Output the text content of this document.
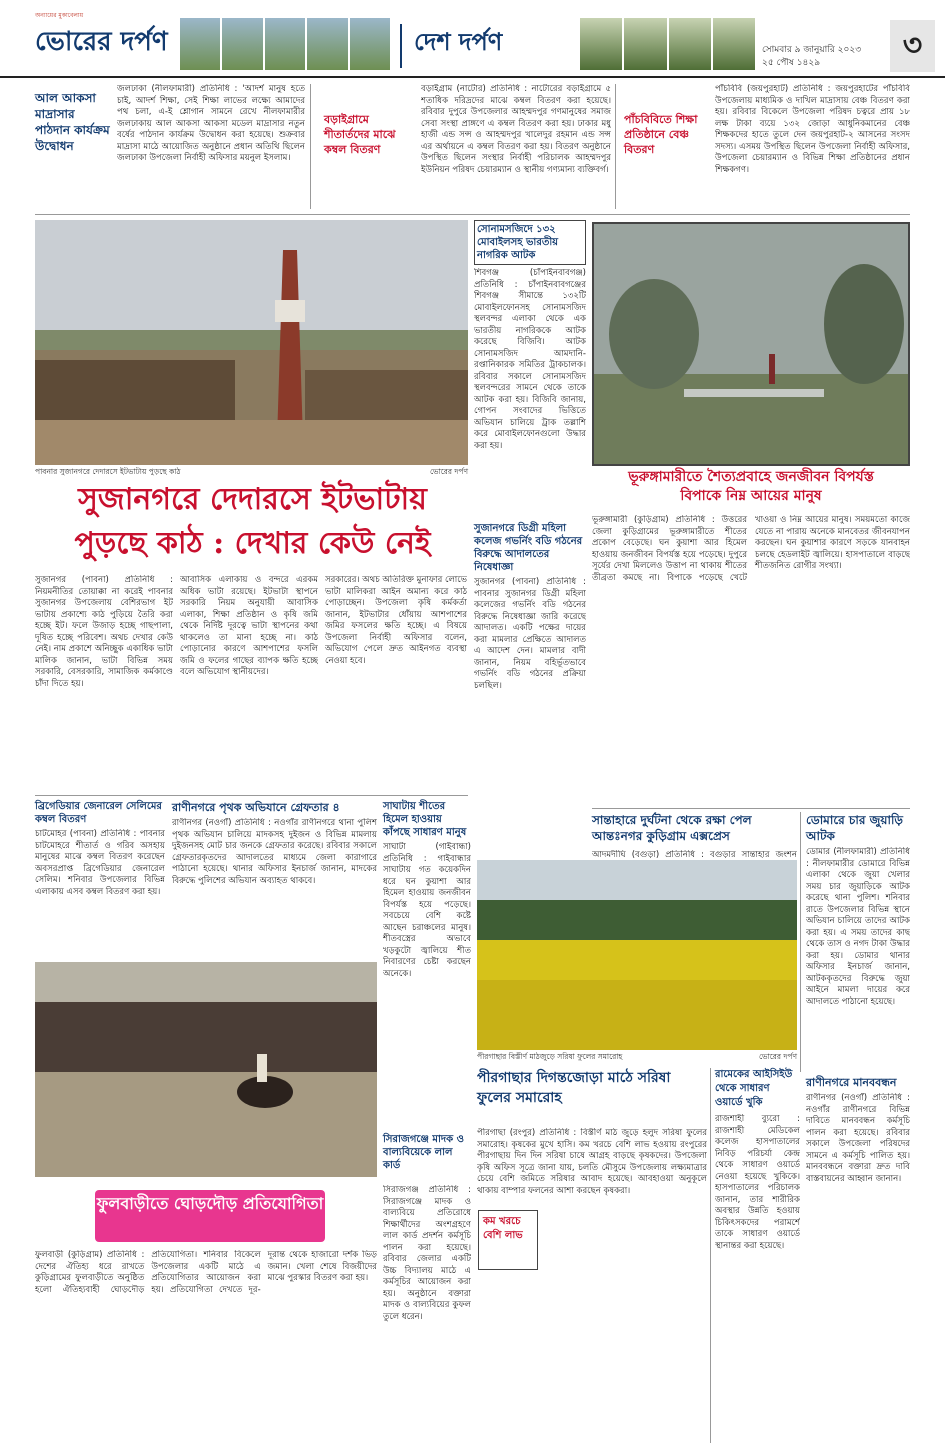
অন্যায়ের মুকাবেলায়
ভোরের দর্পণ	দেশ দর্পণ	সোমবার ৯ জানুয়ারি ২০২৩
২৫ পৌষ ১৪২৯	৩
আল আকসা মাদ্রাসার পাঠদান কার্যক্রম উদ্বোধন
জলঢাকা (নীলফামারী) প্রতিনিধি : 'আদর্শ মানুষ হতে চাই, আদর্শ শিক্ষা, সেই শিক্ষা লাভের লক্ষ্যে আমাদের পথ চলা, এ-ই শ্লোগান সামনে রেখে নীলফামারীর জলঢাকায় আল আকসা আকসা মডেল মাদ্রাসার নতুন বর্ষের পাঠদান কার্যক্রম উদ্বোধন করা হয়েছে। শুক্রবার মাদ্রাসা মাঠে আয়োজিত অনুষ্ঠানে প্রধান অতিথি ছিলেন জলঢাকা উপজেলা নির্বাহী অফিসার ময়নুল ইসলাম।
বড়াইগ্রামে শীতার্তদের মাঝে কম্বল বিতরণ
বড়াইগ্রাম (নাটোর) প্রতিনিধি : নাটোরের বড়াইগ্রামে ৫ শতাধিক দরিদ্রদের মাঝে কম্বল বিতরণ করা হয়েছে। রবিবার দুপুরে উপজেলার আহম্মদপুর গণমানুষের সমাজ সেবা সংস্থা প্রাঙ্গণে এ কম্বল বিতরণ করা হয়। ঢাকার মধু হাজী এন্ড সন্স ও আহম্মদপুর খালেদুর রহমান এন্ড সন্স এর অর্থায়নে এ কম্বল বিতরণ করা হয়। বিতরণ অনুষ্ঠানে উপস্থিত ছিলেন সংস্থার নির্বাহী পরিচালক আহম্মদপুর ইউনিয়ন পরিষদ চেয়ারম্যান ও স্থানীয় গণ্যমান্য ব্যক্তিবর্গ।
পাঁচবিবিতে শিক্ষা প্রতিষ্ঠানে বেঞ্চ বিতরণ
পাঁচবিবি (জয়পুরহাট) প্রতিনিধি : জয়পুরহাটের পাঁচবিবি উপজেলায় মাধ্যমিক ও দাখিল মাদ্রাসায় বেঞ্চ বিতরণ করা হয়। রবিবার বিকেলে উপজেলা পরিষদ চত্বরে প্রায় ১৮ লক্ষ টাকা ব্যয়ে ১৩২ জোড়া আধুনিকমানের বেঞ্চ শিক্ষকদের হাতে তুলে দেন জয়পুরহাট-২ আসনের সংসদ সদস্য। এসময় উপস্থিত ছিলেন উপজেলা নির্বাহী অফিসার, উপজেলা চেয়ারম্যান ও বিভিন্ন শিক্ষা প্রতিষ্ঠানের প্রধান শিক্ষকগণ।
পাবনার সুজানগরে দেদারসে ইটভাটায় পুড়ছে কাঠ	ভোরের দর্পণ
সোনামসজিদে ১৩২ মোবাইলসহ ভারতীয় নাগরিক আটক
শিবগঞ্জ (চাঁপাইনবাবগঞ্জ) প্রতিনিধি : চাঁপাইনবাবগঞ্জের শিবগঞ্জ সীমান্তে ১৩২টি মোবাইলফোনসহ সোনামসজিদ স্থলবন্দর এলাকা থেকে এক ভারতীয় নাগরিককে আটক করেছে বিজিবি। আটক সোনামসজিদ আমদানি-রপ্তানিকারক সমিতির ট্রাকচালক। রবিবার সকালে সোনামসজিদ স্থলবন্দরের সামনে থেকে তাকে আটক করা হয়। বিজিবি জানায়, গোপন সংবাদের ভিত্তিতে অভিযান চালিয়ে ট্রাক তল্লাশি করে মোবাইলফোনগুলো উদ্ধার করা হয়।
ভূরুঙ্গামারীতে শৈত্যপ্রবাহে জনজীবন বিপর্যস্ত
বিপাকে নিম্ন আয়ের মানুষ
সুজানগরে দেদারসে ইটভাটায়
পুড়ছে কাঠ : দেখার কেউ নেই
সুজানগর (পাবনা) প্রতিনিধি : নিয়মনীতির তোয়াক্কা না করেই পাবনার সুজানগর উপজেলায় বেশিরভাগ ইট ভাটায় প্রকাশ্যে কাঠ পুড়িয়ে তৈরি করা হচ্ছে ইট। ফলে উজাড় হচ্ছে গাছপালা, দূষিত হচ্ছে পরিবেশ। অথচ দেখার কেউ নেই। নাম প্রকাশে অনিচ্ছুক একাধিক ভাটা মালিক জানান, ভাটা বিভিন্ন সময় সরকারি, বেসরকারি, সামাজিক কর্মকাণ্ডে চাঁদা দিতে হয়।
আবাসিক এলাকায় ও বন্দরে এরকম অধিক ভাটা রয়েছে। ইটভাটা স্থাপনে সরকারি নিয়ম অনুযায়ী আবাসিক এলাকা, শিক্ষা প্রতিষ্ঠান ও কৃষি জমি থেকে নির্দিষ্ট দূরত্বে ভাটা স্থাপনের কথা থাকলেও তা মানা হচ্ছে না। কাঠ পোড়ানোর কারণে আশপাশের ফসলি জমি ও ফলের গাছের ব্যাপক ক্ষতি হচ্ছে বলে অভিযোগ স্থানীয়দের।
সরকারের। অথচ অতিরিক্ত মুনাফার লোভে ভাটা মালিকরা আইন অমান্য করে কাঠ পোড়াচ্ছেন। উপজেলা কৃষি কর্মকর্তা জানান, ইটভাটার ধোঁয়ায় আশপাশের জমির ফসলের ক্ষতি হচ্ছে। এ বিষয়ে উপজেলা নির্বাহী অফিসার বলেন, অভিযোগ পেলে দ্রুত আইনগত ব্যবস্থা নেওয়া হবে।
সুজানগরে ডিগ্রী মহিলা কলেজ গভর্নিং বডি গঠনের বিরুদ্ধে আদালতের নিষেধাজ্ঞা
সুজানগর (পাবনা) প্রতিনিধি : পাবনার সুজানগর ডিগ্রী মহিলা কলেজের গভর্নিং বডি গঠনের বিরুদ্ধে নিষেধাজ্ঞা জারি করেছে আদালত। একটি পক্ষের দায়ের করা মামলার প্রেক্ষিতে আদালত এ আদেশ দেন। মামলার বাদী জানান, নিয়ম বহির্ভূতভাবে গভর্নিং বডি গঠনের প্রক্রিয়া চলছিল।
ভূরুঙ্গামারী (কুড়িগ্রাম) প্রতিনিধি : উত্তরের জেলা কুড়িগ্রামের ভূরুঙ্গামারীতে শীতের প্রকোপ বেড়েছে। ঘন কুয়াশা আর হিমেল হাওয়ায় জনজীবন বিপর্যস্ত হয়ে পড়েছে। দুপুরে সূর্যের দেখা মিললেও উত্তাপ না থাকায় শীতের তীব্রতা কমছে না। বিপাকে পড়েছে খেটে খাওয়া ও নিম্ন আয়ের মানুষ। সময়মতো কাজে যেতে না পারায় অনেকে মানবেতর জীবনযাপন করছেন। ঘন কুয়াশার কারণে সড়কে যানবাহন চলছে হেডলাইট জ্বালিয়ে। হাসপাতালে বাড়ছে শীতজনিত রোগীর সংখ্যা।
সান্তাহারে দুর্ঘটনা থেকে রক্ষা পেল আন্তঃনগর কুড়িগ্রাম এক্সপ্রেস
আদমদীঘি (বগুড়া) প্রতিনিধি : বগুড়ার সান্তাহার জংশন
ডোমারে চার জুয়াড়ি আটক
ডোমার (নীলফামারী) প্রতিনিধি : নীলফামারীর ডোমারে বিভিন্ন এলাকা থেকে জুয়া খেলার সময় চার জুয়াড়িকে আটক করেছে থানা পুলিশ। শনিবার রাতে উপজেলার বিভিন্ন স্থানে অভিযান চালিয়ে তাদের আটক করা হয়। এ সময় তাদের কাছ থেকে তাস ও নগদ টাকা উদ্ধার করা হয়। ডোমার থানার অফিসার ইনচার্জ জানান, আটককৃতদের বিরুদ্ধে জুয়া আইনে মামলা দায়ের করে আদালতে পাঠানো হয়েছে।
ব্রিগেডিয়ার জেনারেল সেলিমের কম্বল বিতরণ
চাটমোহর (পাবনা) প্রতিনিধি : পাবনার চাটমোহরে শীতার্ত ও গরিব অসহায় মানুষের মাঝে কম্বল বিতরণ করেছেন অবসরপ্রাপ্ত ব্রিগেডিয়ার জেনারেল সেলিম। শনিবার উপজেলার বিভিন্ন এলাকায় এসব কম্বল বিতরণ করা হয়।
রাণীনগরে পৃথক অভিযানে গ্রেফতার ৪
রাণীনগর (নওগাঁ) প্রতিনিধি : নওগাঁর রাণীনগরে থানা পুলিশ পৃথক অভিযান চালিয়ে মাদকসহ দুইজন ও বিভিন্ন মামলায় দুইজনসহ মোট চার জনকে গ্রেফতার করেছে। রবিবার সকালে গ্রেফতারকৃতদের আদালতের মাধ্যমে জেলা কারাগারে পাঠানো হয়েছে। থানার অফিসার ইনচার্জ জানান, মাদকের বিরুদ্ধে পুলিশের অভিযান অব্যাহত থাকবে।
সাঘাটায় শীতের হিমেল হাওয়ায় কাঁপছে সাধারণ মানুষ
সাঘাটা (গাইবান্ধা) প্রতিনিধি : গাইবান্ধার সাঘাটায় গত কয়েকদিন ধরে ঘন কুয়াশা আর হিমেল হাওয়ায় জনজীবন বিপর্যস্ত হয়ে পড়েছে। সবচেয়ে বেশি কষ্টে আছেন চরাঞ্চলের মানুষ। শীতবস্ত্রের অভাবে খড়কুটো জ্বালিয়ে শীত নিবারণের চেষ্টা করছেন অনেকে।
পীরগাছার বিস্তীর্ণ মাঠজুড়ে সরিষা ফুলের সমারোহ	ভোরের দর্পণ
সিরাজগঞ্জে মাদক ও বাল্যবিয়েকে লাল কার্ড
সিরাজগঞ্জ প্রতিনিধি : সিরাজগঞ্জে মাদক ও বাল্যবিয়ে প্রতিরোধে শিক্ষার্থীদের অংশগ্রহণে লাল কার্ড প্রদর্শন কর্মসূচি পালন করা হয়েছে। রবিবার জেলার একটি উচ্চ বিদ্যালয় মাঠে এ কর্মসূচির আয়োজন করা হয়। অনুষ্ঠানে বক্তারা মাদক ও বাল্যবিয়ের কুফল তুলে ধরেন।
ফুলবাড়ীতে ঘোড়দৌড় প্রতিযোগিতা
ফুলবাড়ী (কুড়িগ্রাম) প্রতিনিধি : দেশের ঐতিহ্য ধরে রাখতে কুড়িগ্রামের ফুলবাড়ীতে অনুষ্ঠিত হলো ঐতিহ্যবাহী ঘোড়দৌড় প্রতিযোগিতা। শনিবার বিকেলে উপজেলার একটি মাঠে এ প্রতিযোগিতার আয়োজন করা হয়। প্রতিযোগিতা দেখতে দূর-দূরান্ত থেকে হাজারো দর্শক ভিড় জমান। খেলা শেষে বিজয়ীদের মাঝে পুরস্কার বিতরণ করা হয়।
পীরগাছার দিগন্তজোড়া মাঠে সরিষা ফুলের সমারোহ
পীরগাছা (রংপুর) প্রতিনিধি : বিস্তীর্ণ মাঠ জুড়ে হলুদ সরিষা ফুলের সমারোহ। কৃষকের মুখে হাসি। কম খরচে বেশি লাভ হওয়ায় রংপুরের পীরগাছায় দিন দিন সরিষা চাষে আগ্রহ বাড়ছে কৃষকদের। উপজেলা কৃষি অফিস সূত্রে জানা যায়, চলতি মৌসুমে উপজেলায় লক্ষ্যমাত্রার চেয়ে বেশি জমিতে সরিষার আবাদ হয়েছে। আবহাওয়া অনুকূলে থাকায় বাম্পার ফলনের আশা করছেন কৃষকরা।
কম খরচে বেশি লাভ
রামেকের আইসিইউ থেকে সাধারণ ওয়ার্ডে খুকি
রাজশাহী ব্যুরো : রাজশাহী মেডিকেল কলেজ হাসপাতালের নিবিড় পরিচর্যা কেন্দ্র থেকে সাধারণ ওয়ার্ডে নেওয়া হয়েছে খুকিকে। হাসপাতালের পরিচালক জানান, তার শারীরিক অবস্থার উন্নতি হওয়ায় চিকিৎসকদের পরামর্শে তাকে সাধারণ ওয়ার্ডে স্থানান্তর করা হয়েছে।
রাণীনগরে মানববন্ধন
রাণীনগর (নওগাঁ) প্রতিনিধি : নওগাঁর রাণীনগরে বিভিন্ন দাবিতে মানববন্ধন কর্মসূচি পালন করা হয়েছে। রবিবার সকালে উপজেলা পরিষদের সামনে এ কর্মসূচি পালিত হয়। মানববন্ধনে বক্তারা দ্রুত দাবি বাস্তবায়নের আহ্বান জানান।
